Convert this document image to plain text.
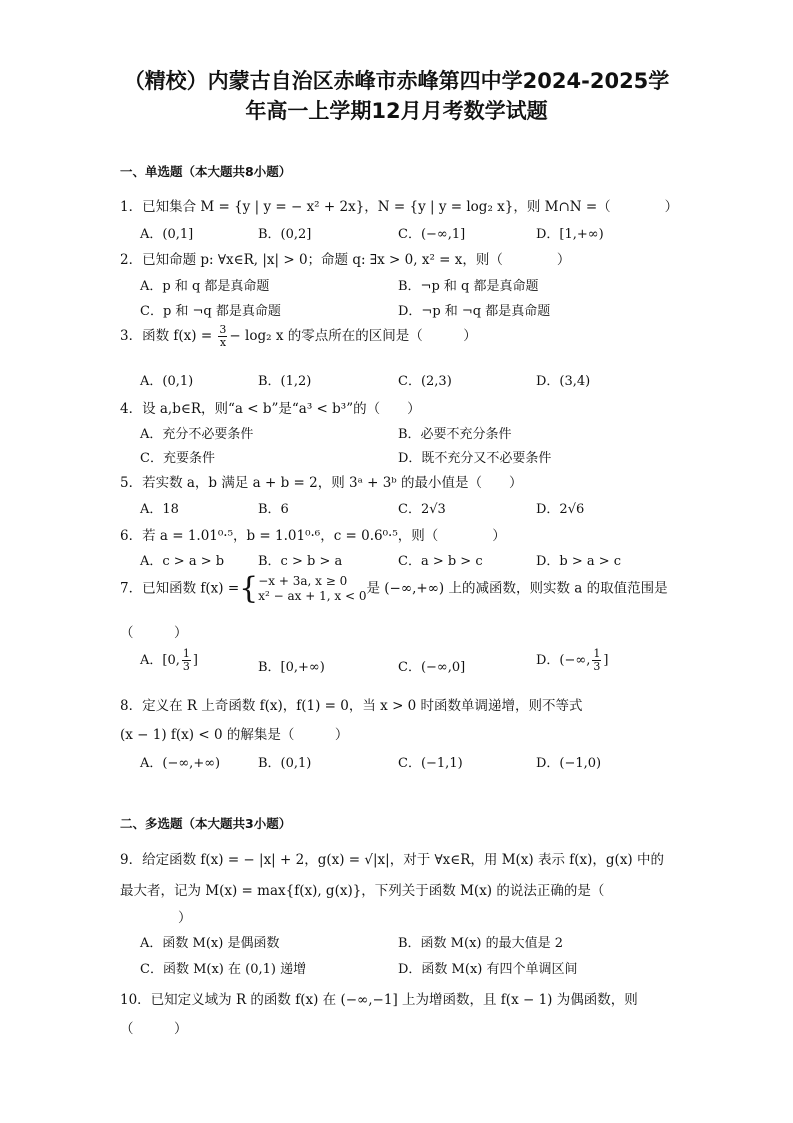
（精校）内蒙古自治区赤峰市赤峰第四中学2024-2025学
年高一上学期12月月考数学试题
一、单选题（本大题共8小题）
1．已知集合 M = {y | y = − x² + 2x}，N = {y | y = log₂ x}，则 M∩N =（　　　　）
A．(0,1]	B．(0,2]	C．(−∞,1]	D．[1,+∞)
2．已知命题 p: ∀x∈R, |x| > 0；命题 q: ∃x > 0, x² = x，则（　　　　）
A．p 和 q 都是真命题	B．¬p 和 q 都是真命题
C．p 和 ¬q 都是真命题	D．¬p 和 ¬q 都是真命题
3．函数 $f(x) = \frac{3}{x} - \log_2$ x 的零点所在的区间是（　　　）
A．(0,1)	B．(1,2)	C．(2,3)	D．(3,4)
4．设 a,b∈R，则“a < b”是“a³ < b³”的（　　）
A．充分不必要条件	B．必要不充分条件
C．充要条件	D．既不充分又不必要条件
5．若实数 a，b 满足 a + b = 2，则 3ᵃ + 3ᵇ 的最小值是（　　）
A．18	B．6	C．2√3	D．2√6
6．若 a = 1.01⁰·⁵，b = 1.01⁰·⁶，c = 0.6⁰·⁵，则（　　　　）
A．c > a > b	B．c > b > a	C．a > b > c	D．b > a > c
7．已知函数 f(x) ={ −x + 3a, x ≥ 0
x² − ax + 1, x < 0 是 (−∞,+∞) 上的减函数，则实数 a 的取值范围是
（　　　）
A．[0, $\frac{1}{3}$ ]	B．[0,+∞)	C．(−∞,0]	D．(−∞, $\frac{1}{3}$ ]
8．定义在 R 上奇函数 f(x)，f(1) = 0，当 x > 0 时函数单调递增，则不等式
(x − 1) f(x) < 0 的解集是（　　　）
A．(−∞,+∞)	B．(0,1)	C．(−1,1)	D．(−1,0)
二、多选题（本大题共3小题）
9．给定函数 f(x) = − |x| + 2，g(x) = √|x|，对于 ∀x∈R，用 M(x) 表示 f(x)，g(x) 中的
最大者，记为 M(x) = max{f(x), g(x)}，下列关于函数 M(x) 的说法正确的是（
）
A．函数 M(x) 是偶函数	B．函数 M(x) 的最大值是 2
C．函数 M(x) 在 (0,1) 递增	D．函数 M(x) 有四个单调区间
10．已知定义域为 R 的函数 f(x) 在 (−∞,−1] 上为增函数，且 f(x − 1) 为偶函数，则
（　　　）
